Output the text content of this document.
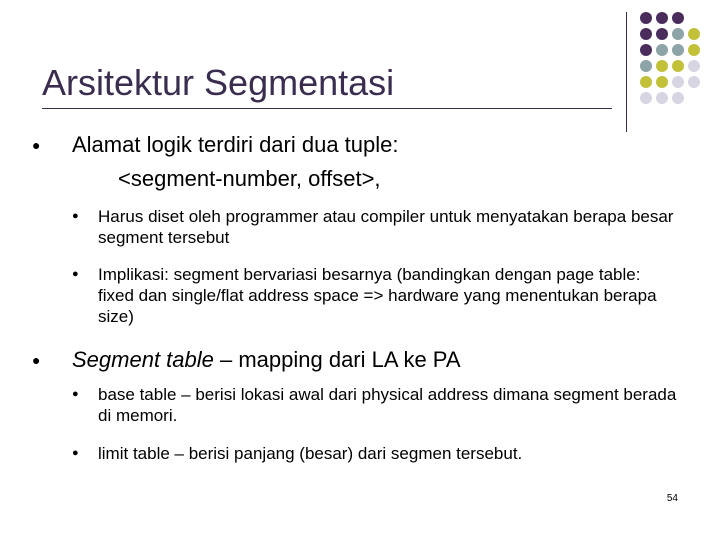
Arsitektur Segmentasi
● Alamat logik terdiri dari dua tuple:
<segment-number, offset>,
● Harus diset oleh programmer atau compiler untuk menyatakan berapa besar segment tersebut
● Implikasi: segment bervariasi besarnya (bandingkan dengan page table: fixed dan single/flat address space => hardware yang menentukan berapa size)
● Segment table – mapping dari LA ke PA
● base table – berisi lokasi awal dari physical address dimana segment berada di memori.
● limit table – berisi panjang (besar) dari segmen tersebut.
54
